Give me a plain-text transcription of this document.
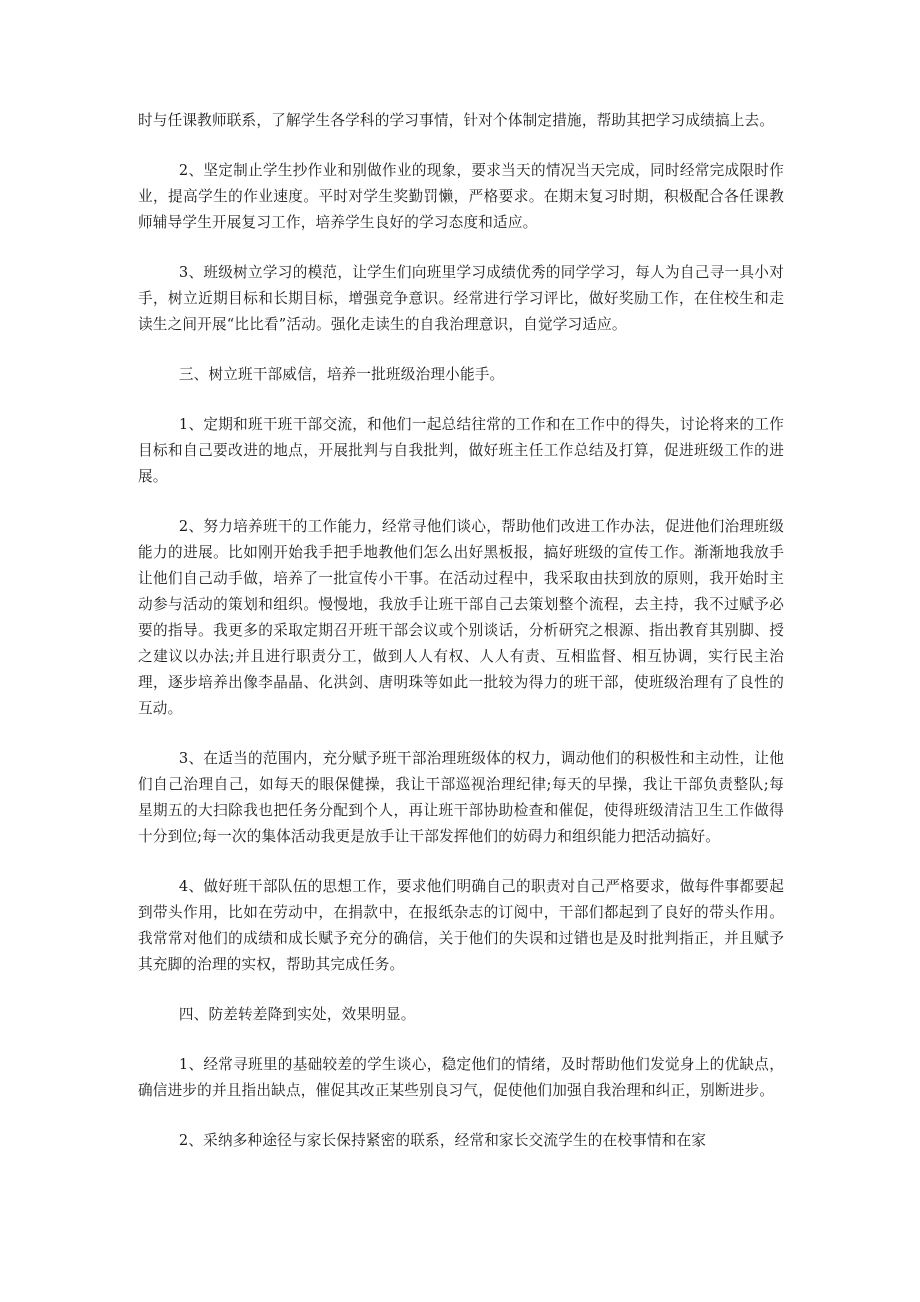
时与任课教师联系，了解学生各学科的学习事情，针对个体制定措施，帮助其把学习成绩搞上去。

2、坚定制止学生抄作业和别做作业的现象，要求当天的情况当天完成，同时经常完成限时作业，提高学生的作业速度。平时对学生奖勤罚懒，严格要求。在期末复习时期，积极配合各任课教师辅导学生开展复习工作，培养学生良好的学习态度和适应。

3、班级树立学习的模范，让学生们向班里学习成绩优秀的同学学习，每人为自己寻一具小对手，树立近期目标和长期目标，增强竞争意识。经常进行学习评比，做好奖励工作，在住校生和走读生之间开展“比比看”活动。强化走读生的自我治理意识，自觉学习适应。

三、树立班干部威信，培养一批班级治理小能手。

1、定期和班干班干部交流，和他们一起总结往常的工作和在工作中的得失，讨论将来的工作目标和自己要改进的地点，开展批判与自我批判，做好班主任工作总结及打算，促进班级工作的进展。

2、努力培养班干的工作能力，经常寻他们谈心，帮助他们改进工作办法，促进他们治理班级能力的进展。比如刚开始我手把手地教他们怎么出好黑板报，搞好班级的宣传工作。渐渐地我放手让他们自己动手做，培养了一批宣传小干事。在活动过程中，我采取由扶到放的原则，我开始时主动参与活动的策划和组织。慢慢地，我放手让班干部自己去策划整个流程，去主持，我不过赋予必要的指导。我更多的采取定期召开班干部会议或个别谈话，分析研究之根源、指出教育其别脚、授之建议以办法;并且进行职责分工，做到人人有权、人人有责、互相监督、相互协调，实行民主治理，逐步培养出像李晶晶、化洪剑、唐明珠等如此一批较为得力的班干部，使班级治理有了良性的互动。

3、在适当的范围内，充分赋予班干部治理班级体的权力，调动他们的积极性和主动性，让他们自己治理自己，如每天的眼保健操，我让干部巡视治理纪律;每天的早操，我让干部负责整队;每星期五的大扫除我也把任务分配到个人，再让班干部协助检查和催促，使得班级清洁卫生工作做得十分到位;每一次的集体活动我更是放手让干部发挥他们的妨碍力和组织能力把活动搞好。

4、做好班干部队伍的思想工作，要求他们明确自己的职责对自己严格要求，做每件事都要起到带头作用，比如在劳动中，在捐款中，在报纸杂志的订阅中，干部们都起到了良好的带头作用。我常常对他们的成绩和成长赋予充分的确信，关于他们的失误和过错也是及时批判指正，并且赋予其充脚的治理的实权，帮助其完成任务。

四、防差转差降到实处，效果明显。

1、经常寻班里的基础较差的学生谈心，稳定他们的情绪，及时帮助他们发觉身上的优缺点，确信进步的并且指出缺点，催促其改正某些别良习气，促使他们加强自我治理和纠正，别断进步。

2、采纳多种途径与家长保持紧密的联系，经常和家长交流学生的在校事情和在家
